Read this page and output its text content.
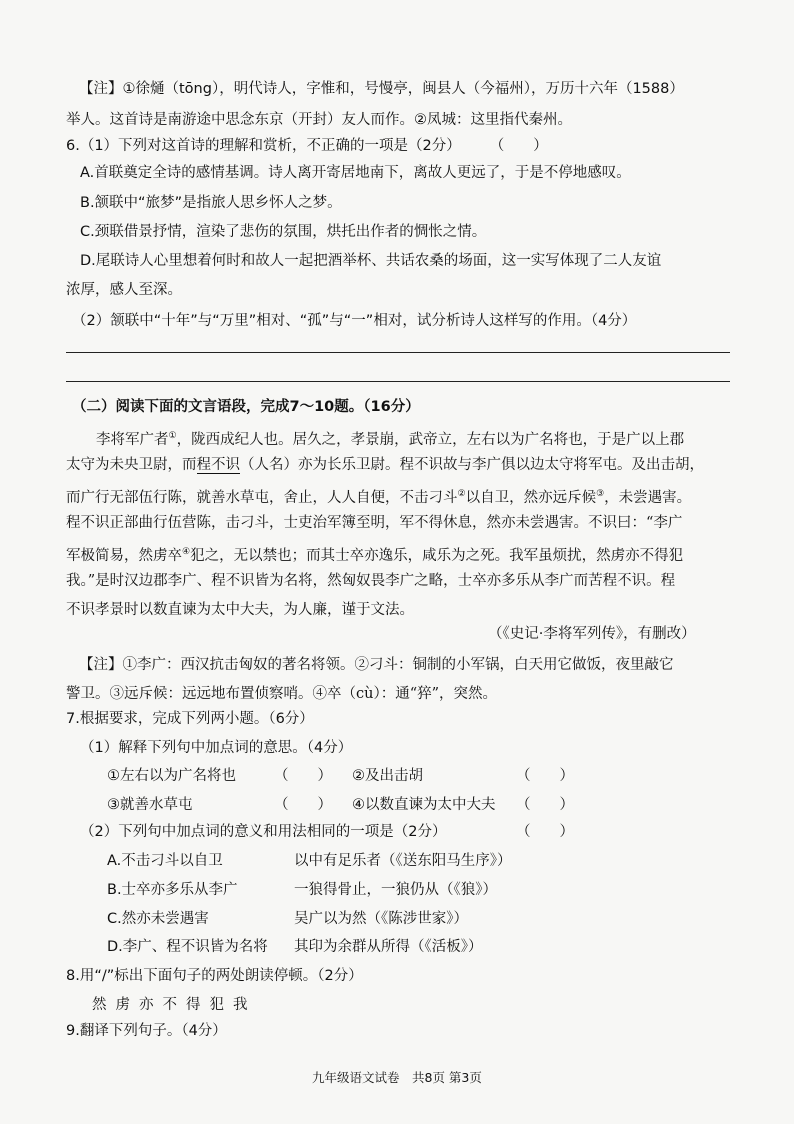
【注】①徐熥（tōng），明代诗人，字惟和，号慢亭，闽县人（今福州），万历十六年（1588）
举人。这首诗是南游途中思念东京（开封）友人而作。②凤城：这里指代秦州。
6.（1）下列对这首诗的理解和赏析，不正确的一项是（2分）　　　（　　）
A.首联奠定全诗的感情基调。诗人离开寄居地南下，离故人更远了，于是不停地感叹。
B.颔联中“旅梦”是指旅人思乡怀人之梦。
C.颈联借景抒情，渲染了悲伤的氛围，烘托出作者的惆怅之情。
D.尾联诗人心里想着何时和故人一起把酒举杯、共话农桑的场面，这一实写体现了二人友谊
浓厚，感人至深。
（2）颔联中“十年”与“万里”相对、“孤”与“一”相对，试分析诗人这样写的作用。（4分）
（二）阅读下面的文言语段，完成7～10题。（16分）
李将军广者①，陇西成纪人也。居久之，孝景崩，武帝立，左右以为广名将也，于是广以上郡
太守为未央卫尉，而程不识（人名）亦为长乐卫尉。程不识故与李广俱以边太守将军屯。及出击胡，
而广行无部伍行陈，就善水草屯，舍止，人人自便，不击刁斗②以自卫，然亦远斥候③，未尝遇害。
程不识正部曲行伍营陈，击刁斗，士吏治军簿至明，军不得休息，然亦未尝遇害。不识曰：“李广
军极简易，然虏卒④犯之，无以禁也；而其士卒亦逸乐，咸乐为之死。我军虽烦扰，然虏亦不得犯
我。”是时汉边郡李广、程不识皆为名将，然匈奴畏李广之略，士卒亦多乐从李广而苦程不识。程
不识孝景时以数直谏为太中大夫，为人廉，谨于文法。
（《史记·李将军列传》，有删改）
【注】①李广：西汉抗击匈奴的著名将领。②刁斗：铜制的小军锅，白天用它做饭，夜里敲它
警卫。③远斥候：远远地布置侦察哨。④卒（cù）：通“猝”，突然。
7.根据要求，完成下列两小题。（6分）
（1）解释下列句中加点词的意思。（4分）
①左右以为广名将也	（　　）	②及出击胡	（　　）
③就善水草屯	（　　）	④以数直谏为太中大夫	（　　）
（2）下列句中加点词的意义和用法相同的一项是（2分）	（　　）
A.不击刁斗以自卫	以中有足乐者（《送东阳马生序》）
B.士卒亦多乐从李广	一狼得骨止，一狼仍从（《狼》）
C.然亦未尝遇害	吴广以为然（《陈涉世家》）
D.李广、程不识皆为名将	其印为余群从所得（《活板》）
8.用“/”标出下面句子的两处朗读停顿。（2分）
然虏亦不得犯我
9.翻译下列句子。（4分）
九年级语文试卷　共8页 第3页
